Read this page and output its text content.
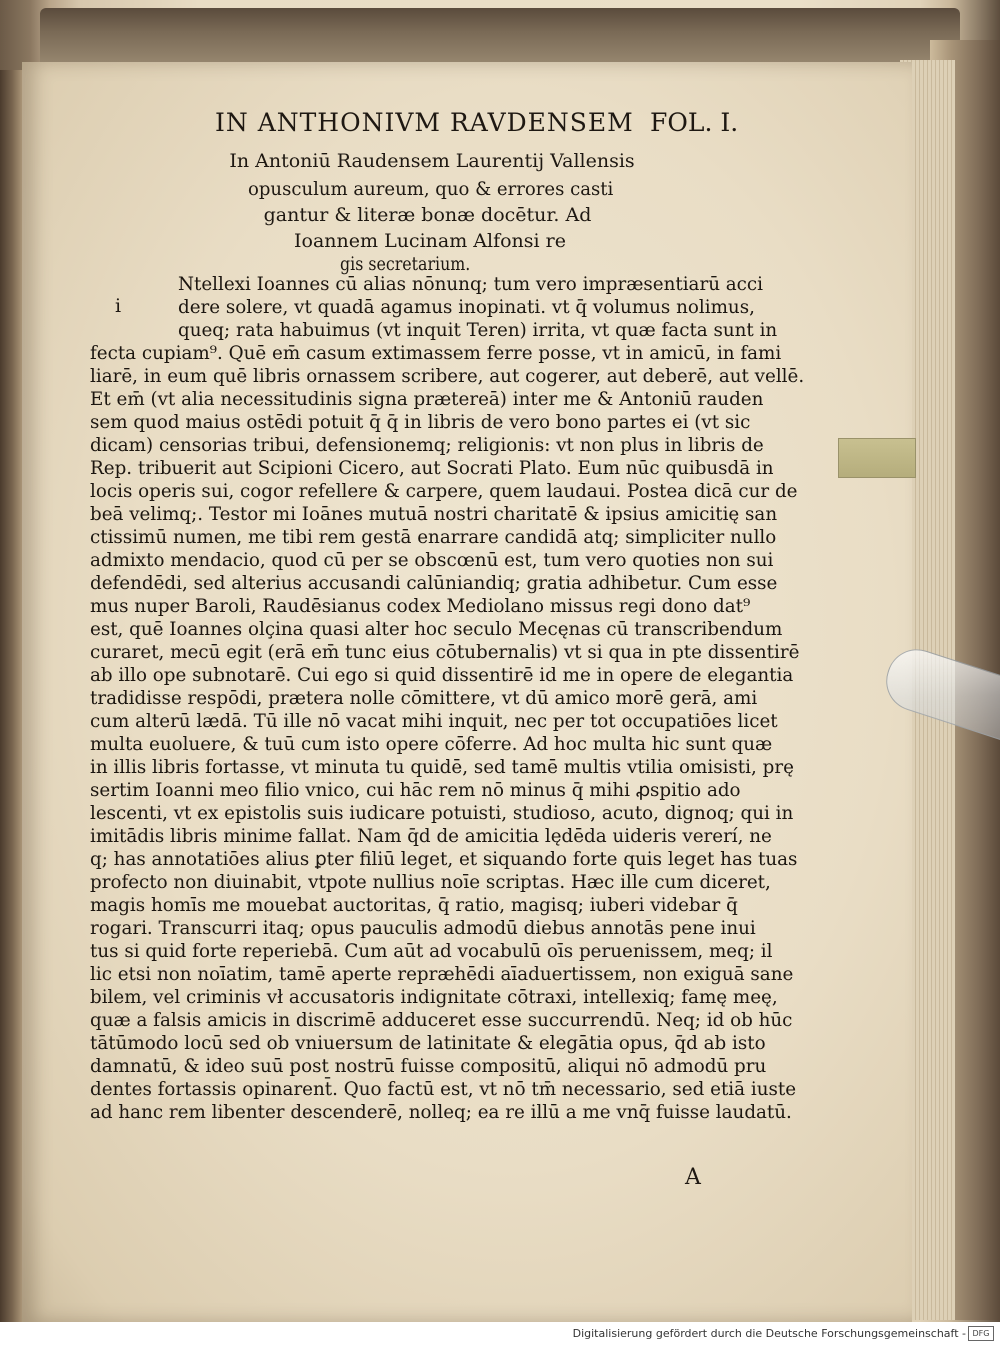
IN ANTHONIVM RAVDENSEM FOL. I.
In Antoniū Raudensem Laurentij Vallensis
opusculum aureum, quo & errores casti
gantur & literæ bonæ docētur. Ad
Ioannem Lucinam Alfonsi re
gis secretarium.
i
Ntellexi Ioannes cū alias nōnunq; tum vero impræsentiarū acci
dere solere, vt quadā agamus inopinati. vt q̄ volumus nolimus,
queq; rata habuimus (vt inquit Teren) irrita, vt quæ facta sunt in
fecta cupiam⁹. Quē em̄ casum extimassem ferre posse, vt in amicū, in fami
liarē, in eum quē libris ornassem scribere, aut cogerer, aut deberē, aut vellē.
Et em̄ (vt alia necessitudinis signa prætereā) inter me & Antoniū rauden
sem quod maius ostēdi potuit q̄ q̄ in libris de vero bono partes ei (vt sic
dicam) censorias tribui, defensionemq; religionis: vt non plus in libris de
Rep. tribuerit aut Scipioni Cicero, aut Socrati Plato. Eum nūc quibusdā in
locis operis sui, cogor refellere & carpere, quem laudaui. Postea dicā cur de
beā velimq;. Testor mi Ioānes mutuā nostri charitatē & ipsius amicitię san
ctissimū numen, me tibi rem gestā enarrare candidā atq; simpliciter nullo
admixto mendacio, quod cū per se obscœnū est, tum vero quoties non sui
defendēdi, sed alterius accusandi calūniandiq; gratia adhibetur. Cum esse
mus nuper Baroli, Raudēsianus codex Mediolano missus regi dono dat⁹
est, quē Ioannes olçina quasi alter hoc seculo Mecęnas cū transcribendum
curaret, mecū egit (erā em̄ tunc eius cōtubernalis) vt si qua in pte dissentirē
ab illo ope subnotarē. Cui ego si quid dissentirē id me in opere de elegantia
tradidisse respōdi, prætera nolle cōmittere, vt dū amico morē gerā, ami
cum alterū lædā. Tū ille nō vacat mihi inquit, nec per tot occupatiōes licet
multa euoluere, & tuū cum isto opere cōferre. Ad hoc multa hic sunt quæ
in illis libris fortasse, vt minuta tu quidē, sed tamē multis vtilia omisisti, prę
sertim Ioanni meo filio vnico, cui hāc rem nō minus q̄ mihi ꝓspitio ado
lescenti, vt ex epistolis suis iudicare potuisti, studioso, acuto, dignoq; qui in
imitādis libris minime fallat. Nam q̄d de amicitia lędēda uideris vererí, ne
q; has annotatiōes alius ꝑter filiū leget, et siquando forte quis leget has tuas
profecto non diuinabit, vtpote nullius noīe scriptas. Hæc ille cum diceret,
magis homīs me mouebat auctoritas, q̄ ratio, magisq; iuberi videbar q̄
rogari. Transcurri itaq; opus pauculis admodū diebus annotās pene inui
tus si quid forte reperiebā. Cum aūt ad vocabulū oīs peruenissem, meq; il
lic etsi non noīatim, tamē aperte repræhēdi aīaduertissem, non exiguā sane
bilem, vel criminis vł accusatoris indignitate cōtraxi, intellexiq; famę meę,
quæ a falsis amicis in discrimē adduceret esse succurrendū. Neq; id ob hūc
tātūmodo locū sed ob vniuersum de latinitate & elegātia opus, q̄d ab isto
damnatū, & ideo suū post nostrū fuisse compositū, aliqui nō admodū pru
dentes fortassis opinarent̄. Quo factū est, vt nō tm̄ necessario, sed etiā iuste
ad hanc rem libenter descenderē, nolleq; ea re illū a me vnq̄ fuisse laudatū.
A
Digitalisierung gefördert durch die Deutsche Forschungsgemeinschaft - DFG
